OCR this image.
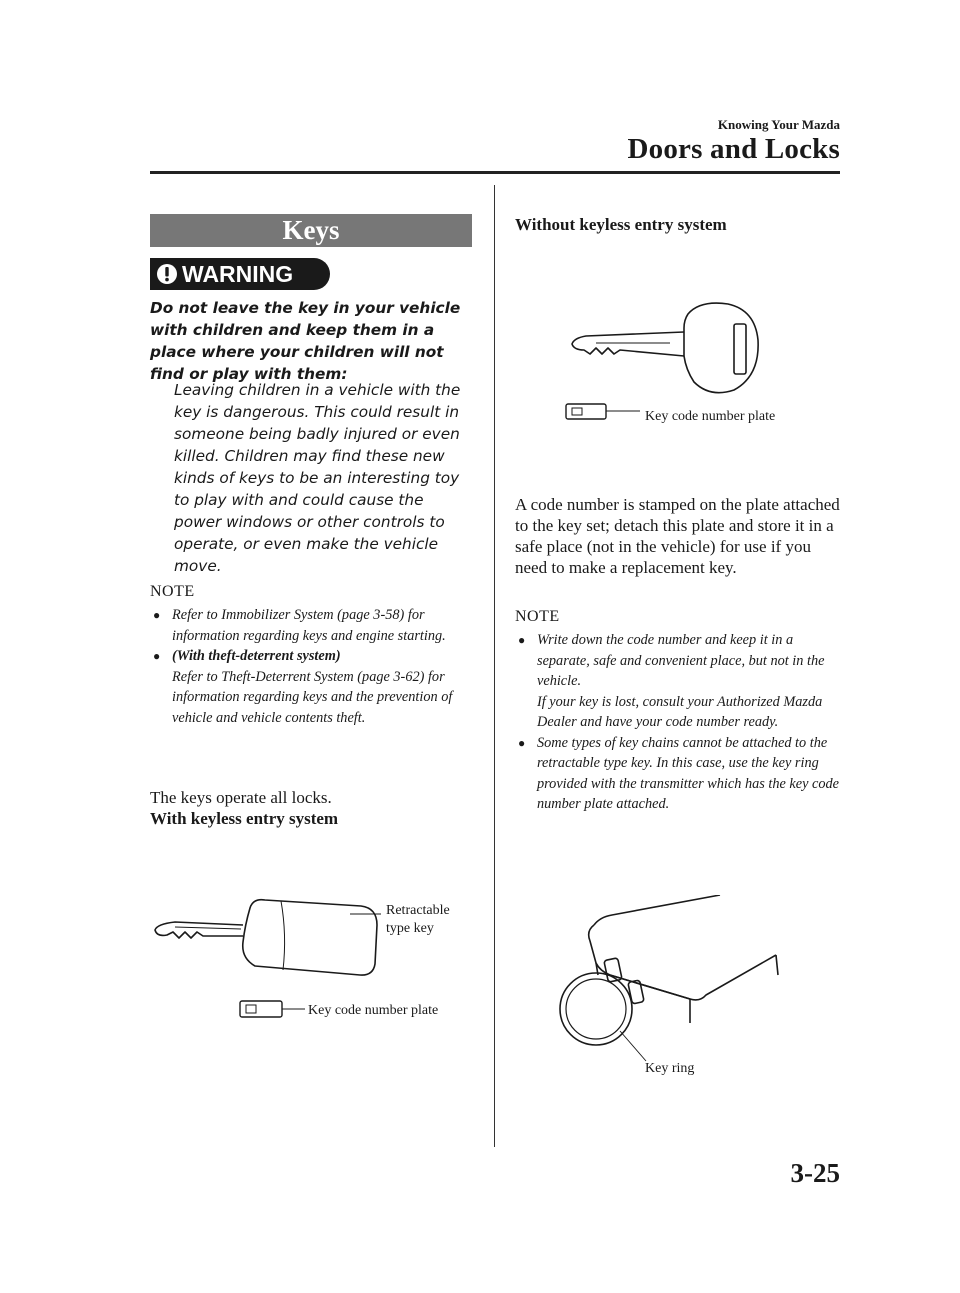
Knowing Your Mazda
Doors and Locks
Keys
WARNING
Do not leave the key in your vehicle with children and keep them in a place where your children will not find or play with them:
Leaving children in a vehicle with the key is dangerous. This could result in someone being badly injured or even killed. Children may find these new kinds of keys to be an interesting toy to play with and could cause the power windows or other controls to operate, or even make the vehicle move.
NOTE
● Refer to Immobilizer System (page 3-58) for information regarding keys and engine starting.
● (With theft-deterrent system)
Refer to Theft-Deterrent System (page 3-62) for information regarding keys and the prevention of vehicle and vehicle contents theft.
The keys operate all locks.
With keyless entry system
Retractable
type key
Key code number plate
Without keyless entry system
Key code number plate
A code number is stamped on the plate attached to the key set; detach this plate and store it in a safe place (not in the vehicle) for use if you need to make a replacement key.
NOTE
● Write down the code number and keep it in a separate, safe and convenient place, but not in the vehicle.
If your key is lost, consult your Authorized Mazda Dealer and have your code number ready.
● Some types of key chains cannot be attached to the retractable type key. In this case, use the key ring provided with the transmitter which has the key code number plate attached.
Key ring
3-25
